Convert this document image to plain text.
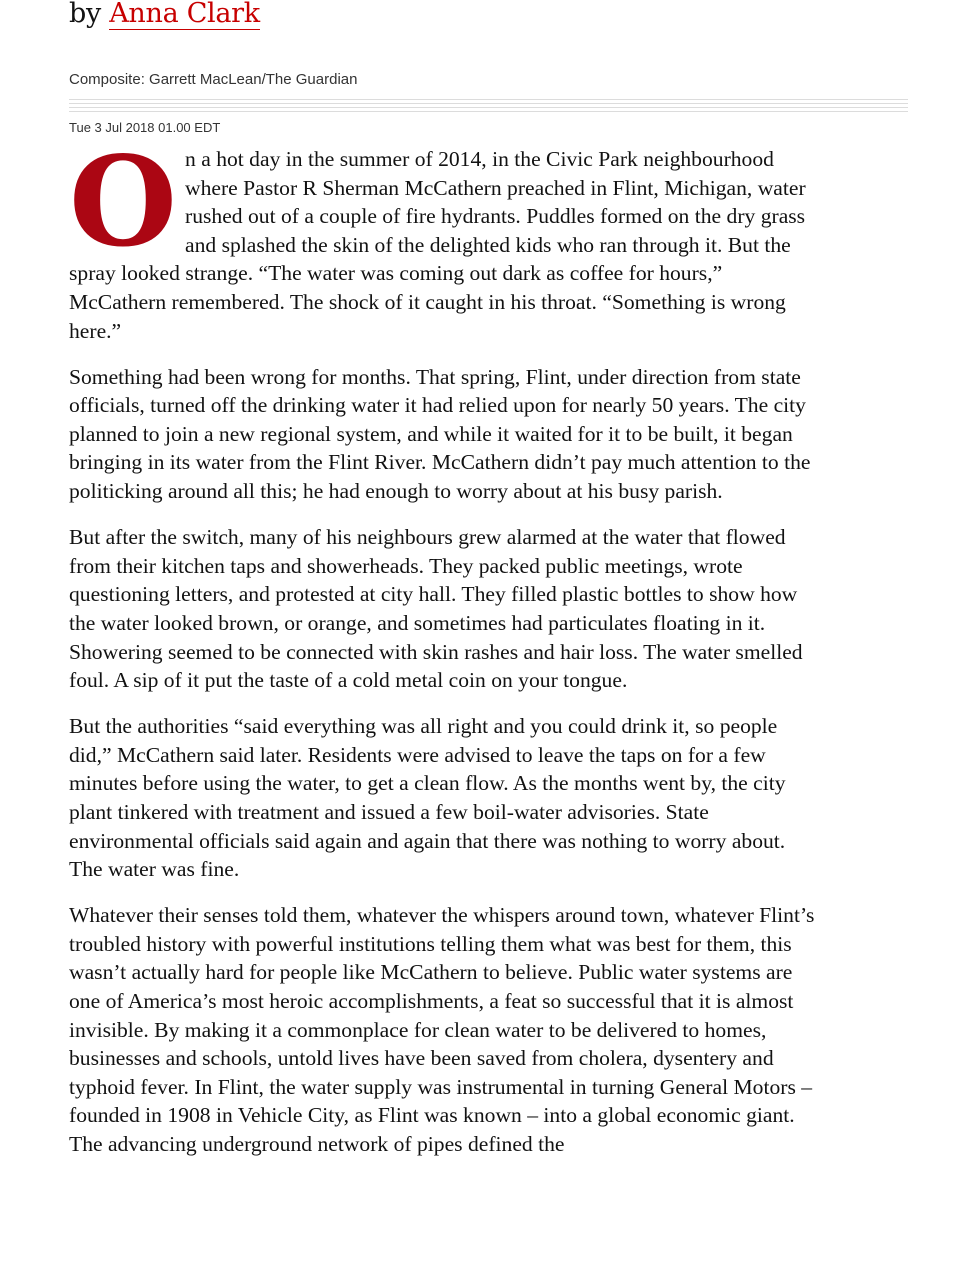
by Anna Clark
Composite: Garrett MacLean/The Guardian
Tue 3 Jul 2018 01.00 EDT

On a hot day in the summer of 2014, in the Civic Park neighbourhood where Pastor R Sherman McCathern preached in Flint, Michigan, water rushed out of a couple of fire hydrants. Puddles formed on the dry grass and splashed the skin of the delighted kids who ran through it. But the spray looked strange. “The water was coming out dark as coffee for hours,” McCathern remembered. The shock of it caught in his throat. “Something is wrong here.”

Something had been wrong for months. That spring, Flint, under direction from state officials, turned off the drinking water it had relied upon for nearly 50 years. The city planned to join a new regional system, and while it waited for it to be built, it began bringing in its water from the Flint River. McCathern didn’t pay much attention to the politicking around all this; he had enough to worry about at his busy parish.

But after the switch, many of his neighbours grew alarmed at the water that flowed from their kitchen taps and showerheads. They packed public meetings, wrote questioning letters, and protested at city hall. They filled plastic bottles to show how the water looked brown, or orange, and sometimes had particulates floating in it. Showering seemed to be connected with skin rashes and hair loss. The water smelled foul. A sip of it put the taste of a cold metal coin on your tongue.

But the authorities “said everything was all right and you could drink it, so people did,” McCathern said later. Residents were advised to leave the taps on for a few minutes before using the water, to get a clean flow. As the months went by, the city plant tinkered with treatment and issued a few boil-water advisories. State environmental officials said again and again that there was nothing to worry about. The water was fine.

Whatever their senses told them, whatever the whispers around town, whatever Flint’s troubled history with powerful institutions telling them what was best for them, this wasn’t actually hard for people like McCathern to believe. Public water systems are one of America’s most heroic accomplishments, a feat so successful that it is almost invisible. By making it a commonplace for clean water to be delivered to homes, businesses and schools, untold lives have been saved from cholera, dysentery and typhoid fever. In Flint, the water supply was instrumental in turning General Motors – founded in 1908 in Vehicle City, as Flint was known – into a global economic giant. The advancing underground network of pipes defined the
